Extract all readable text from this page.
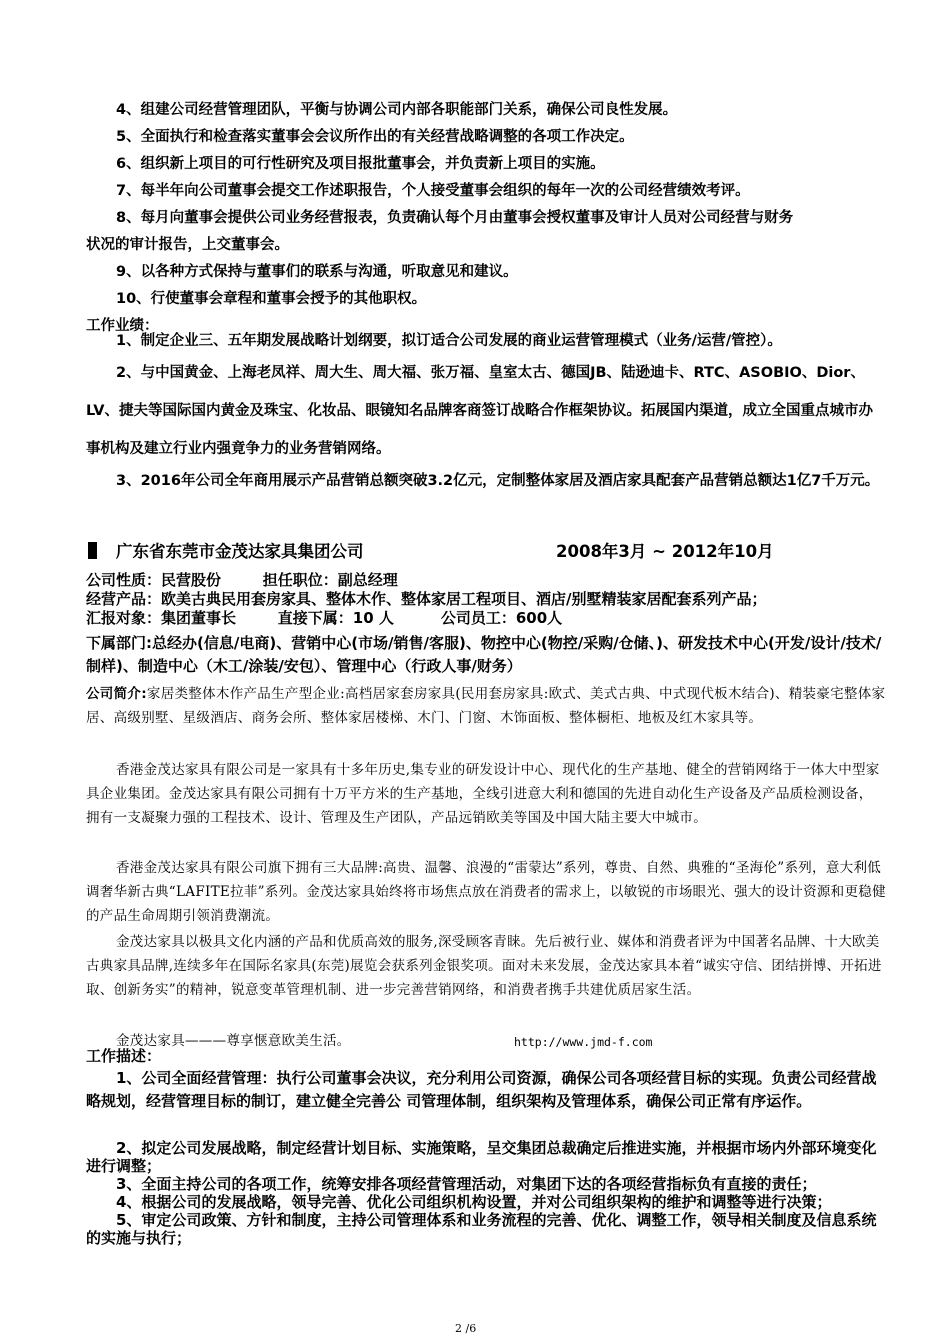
4、组建公司经营管理团队，平衡与协调公司内部各职能部门关系，确保公司良性发展。
5、全面执行和检查落实董事会会议所作出的有关经营战略调整的各项工作决定。
6、组织新上项目的可行性研究及项目报批董事会，并负责新上项目的实施。
7、每半年向公司董事会提交工作述职报告，个人接受董事会组织的每年一次的公司经营绩效考评。
8、每月向董事会提供公司业务经营报表，负责确认每个月由董事会授权董事及审计人员对公司经营与财务
状况的审计报告，上交董事会。
9、以各种方式保持与董事们的联系与沟通，听取意见和建议。
10、行使董事会章程和董事会授予的其他职权。
工作业绩：
1、制定企业三、五年期发展战略计划纲要，拟订适合公司发展的商业运营管理模式（业务/运营/管控）。
2、与中国黄金、上海老凤祥、周大生、周大福、张万福、皇室太古、德国JB、陆逊迪卡、RTC、ASOBIO、Dior、LV、捷夫等国际国内黄金及珠宝、化妆品、眼镜知名品牌客商签订战略合作框架协议。拓展国内渠道，成立全国重点城市办事机构及建立行业内强竟争力的业务营销网络。
3、2016年公司全年商用展示产品营销总额突破3.2亿元，定制整体家居及酒店家具配套产品营销总额达1亿7千万元。
广东省东莞市金茂达家具集团公司	2008年3月 ~ 2012年10月
公司性质：民营股份        担任职位：副总经理
经营产品：欧美古典民用套房家具、整体木作、整体家居工程项目、酒店/别墅精装家居配套系列产品；
汇报对象：集团董事长        直接下属：10 人         公司员工：600人
下属部门:总经办(信息/电商)、营销中心(市场/销售/客服)、物控中心(物控/采购/仓储、)、研发技术中心(开发/设计/技术/制样)、制造中心（木工/涂装/安包）、管理中心（行政人事/财务）
公司简介:家居类整体木作产品生产型企业:高档居家套房家具(民用套房家具:欧式、美式古典、中式现代板木结合)、精装豪宅整体家居、高级别墅、星级酒店、商务会所、整体家居楼梯、木门、门窗、木饰面板、整体橱柜、地板及红木家具等。
香港金茂达家具有限公司是一家具有十多年历史,集专业的研发设计中心、现代化的生产基地、健全的营销网络于一体大中型家具企业集团。金茂达家具有限公司拥有十万平方米的生产基地，全线引进意大利和德国的先进自动化生产设备及产品质检测设备，拥有一支凝聚力强的工程技术、设计、管理及生产团队，产品远销欧美等国及中国大陆主要大中城市。
香港金茂达家具有限公司旗下拥有三大品牌:高贵、温馨、浪漫的“雷蒙达”系列，尊贵、自然、典雅的“圣海伦”系列，意大利低调奢华新古典“LAFITE拉菲”系列。金茂达家具始终将市场焦点放在消费者的需求上，以敏锐的市场眼光、强大的设计资源和更稳健的产品生命周期引领消费潮流。
金茂达家具以极具文化内涵的产品和优质高效的服务,深受顾客青睐。先后被行业、媒体和消费者评为中国著名品牌、十大欧美古典家具品牌,连续多年在国际名家具(东莞)展览会获系列金银奖项。面对未来发展，金茂达家具本着“诚实守信、团结拼博、开拓进取、创新务实”的精神，锐意变革管理机制、进一步完善营销网络，和消费者携手共建优质居家生活。
金茂达家具———尊享惬意欧美生活。	http://www.jmd-f.com
工作描述：
1、公司全面经营管理：执行公司董事会决议，充分利用公司资源，确保公司各项经营目标的实现。负责公司经营战略规划，经营管理目标的制订，建立健全完善公 司管理体制，组织架构及管理体系，确保公司正常有序运作。
2、拟定公司发展战略，制定经营计划目标、实施策略，呈交集团总裁确定后推进实施，并根据市场内外部环境变化进行调整；
3、全面主持公司的各项工作，统筹安排各项经营管理活动，对集团下达的各项经营指标负有直接的责任；
4、根据公司的发展战略，领导完善、优化公司组织机构设置，并对公司组织架构的维护和调整等进行决策；
5、审定公司政策、方针和制度，主持公司管理体系和业务流程的完善、优化、调整工作，领导相关制度及信息系统的实施与执行；
2 /6
